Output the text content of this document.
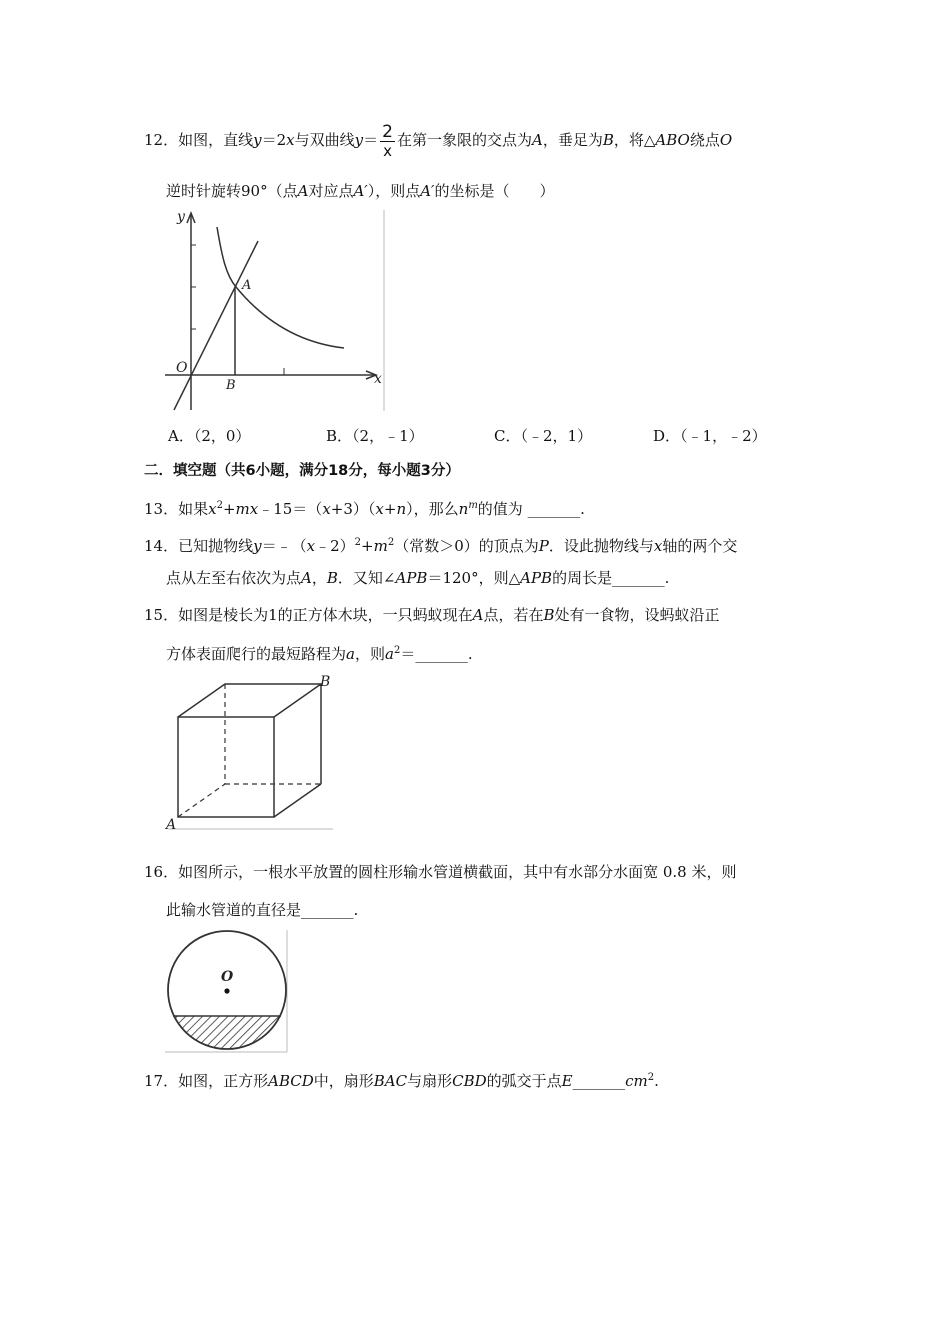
12．如图，直线y＝2x与双曲线$y= \frac{2}{x}$ 在第一象限的交点为A，垂足为B，将△ABO绕点O
逆时针旋转90°（点A对应点A′），则点A′的坐标是（　　）
y
A
O
B	x
A．（2，0）	B．（2，﹣1）	C．（﹣2，1）	D．（﹣1，﹣2）
二．填空题（共6小题，满分18分，每小题3分）
13．如果$x^2+mx﹣15=(x+3)(x+n)$，那么$n^m$的值为 _______.
14．已知抛物线$y=﹣(x﹣2)^2+m^2$（常数＞0）的顶点为P．设此抛物线与x轴的两个交
点从左至右依次为点A，B．又知∠APB＝120°，则△APB的周长是_______.
15．如图是棱长为1的正方体木块，一只蚂蚁现在A点，若在B处有一食物，设蚂蚁沿正
方体表面爬行的最短路程为a，则$a^2=\_\_\_\_\_\_\_$.
A
B
16．如图所示，一根水平放置的圆柱形输水管道横截面，其中有水部分水面宽 0.8 米，则
此输水管道的直径是_______.
O
17．如图，正方形ABCD中，扇形BAC与扇形CBD的弧交于点$E\_\_\_\_\_\_\_cm^2$.
